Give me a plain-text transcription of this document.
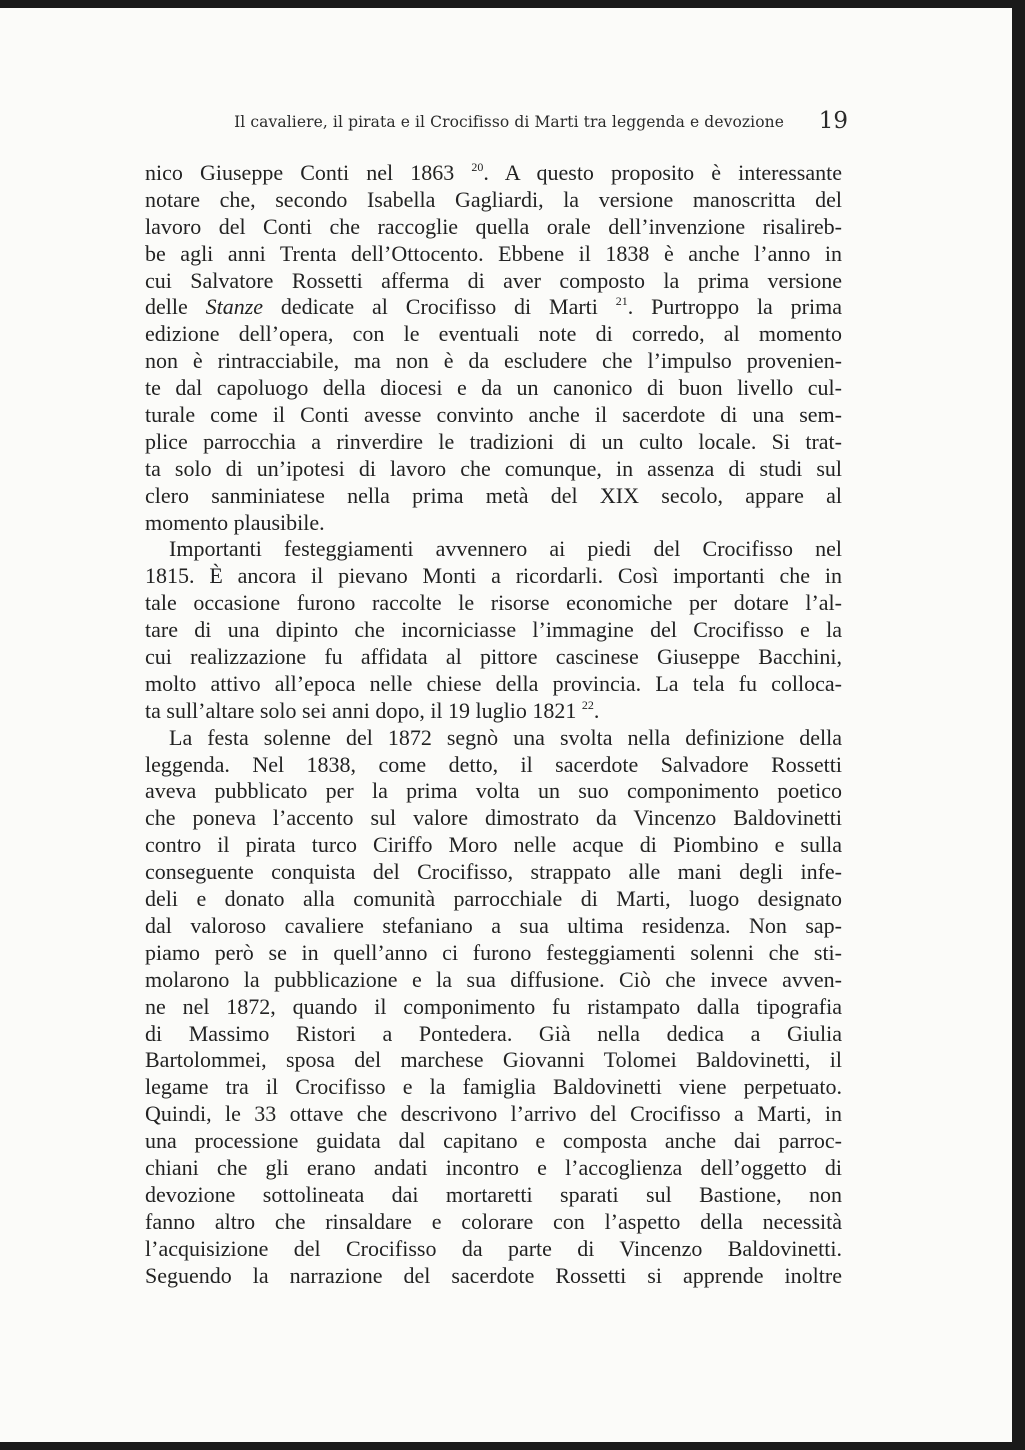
Il cavaliere, il pirata e il Crocifisso di Marti tra leggenda e devozione 19
nico Giuseppe Conti nel 1863 $^{20}$. A questo proposito è interessante
notare che, secondo Isabella Gagliardi, la versione manoscritta del
lavoro del Conti che raccoglie quella orale dell’invenzione risalireb-
be agli anni Trenta dell’Ottocento. Ebbene il 1838 è anche l’anno in
cui Salvatore Rossetti afferma di aver composto la prima versione
delle Stanze dedicate al Crocifisso di Marti $^{21}$. Purtroppo la prima
edizione dell’opera, con le eventuali note di corredo, al momento
non è rintracciabile, ma non è da escludere che l’impulso provenien-
te dal capoluogo della diocesi e da un canonico di buon livello cul-
turale come il Conti avesse convinto anche il sacerdote di una sem-
plice parrocchia a rinverdire le tradizioni di un culto locale. Si trat-
ta solo di un’ipotesi di lavoro che comunque, in assenza di studi sul
clero sanminiatese nella prima metà del XIX secolo, appare al
momento plausibile.
Importanti festeggiamenti avvennero ai piedi del Crocifisso nel
1815. È ancora il pievano Monti a ricordarli. Così importanti che in
tale occasione furono raccolte le risorse economiche per dotare l’al-
tare di una dipinto che incorniciasse l’immagine del Crocifisso e la
cui realizzazione fu affidata al pittore cascinese Giuseppe Bacchini,
molto attivo all’epoca nelle chiese della provincia. La tela fu colloca-
ta sull’altare solo sei anni dopo, il 19 luglio 1821 $^{22}$.
La festa solenne del 1872 segnò una svolta nella definizione della
leggenda. Nel 1838, come detto, il sacerdote Salvadore Rossetti
aveva pubblicato per la prima volta un suo componimento poetico
che poneva l’accento sul valore dimostrato da Vincenzo Baldovinetti
contro il pirata turco Ciriffo Moro nelle acque di Piombino e sulla
conseguente conquista del Crocifisso, strappato alle mani degli infe-
deli e donato alla comunità parrocchiale di Marti, luogo designato
dal valoroso cavaliere stefaniano a sua ultima residenza. Non sap-
piamo però se in quell’anno ci furono festeggiamenti solenni che sti-
molarono la pubblicazione e la sua diffusione. Ciò che invece avven-
ne nel 1872, quando il componimento fu ristampato dalla tipografia
di Massimo Ristori a Pontedera. Già nella dedica a Giulia
Bartolommei, sposa del marchese Giovanni Tolomei Baldovinetti, il
legame tra il Crocifisso e la famiglia Baldovinetti viene perpetuato.
Quindi, le 33 ottave che descrivono l’arrivo del Crocifisso a Marti, in
una processione guidata dal capitano e composta anche dai parroc-
chiani che gli erano andati incontro e l’accoglienza dell’oggetto di
devozione sottolineata dai mortaretti sparati sul Bastione, non
fanno altro che rinsaldare e colorare con l’aspetto della necessità
l’acquisizione del Crocifisso da parte di Vincenzo Baldovinetti.
Seguendo la narrazione del sacerdote Rossetti si apprende inoltre
